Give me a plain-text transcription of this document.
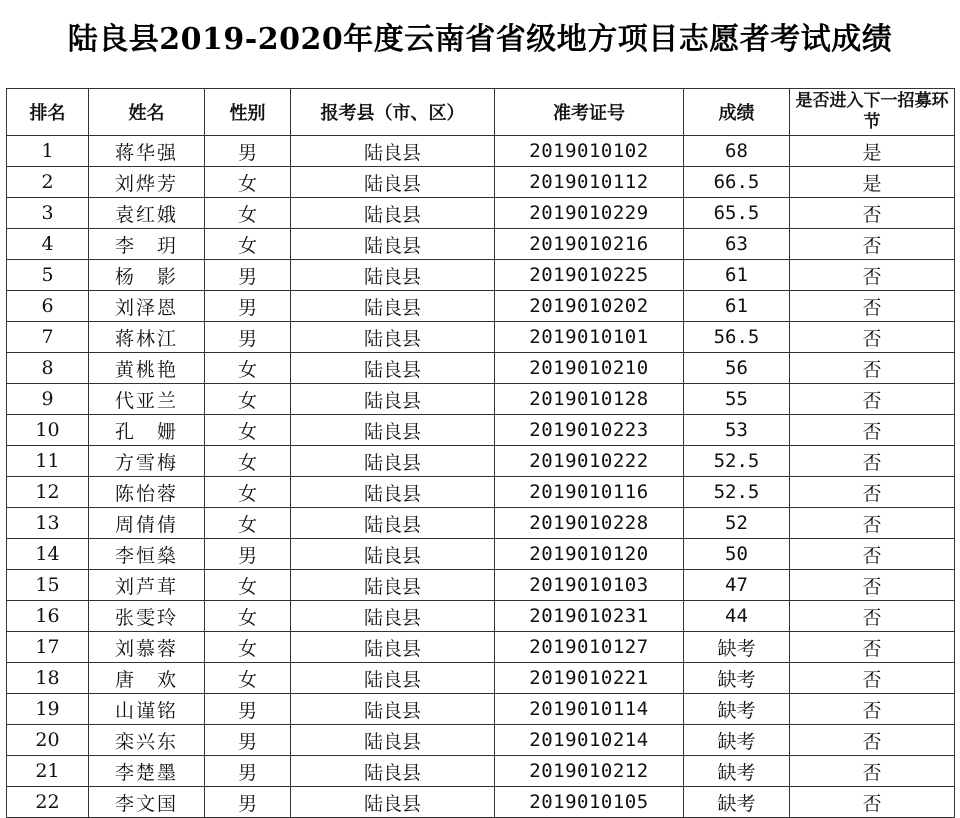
陆良县2019-2020年度云南省省级地方项目志愿者考试成绩
排名	姓名	性别	报考县（市、区）	准考证号	成绩	是否进入下一招募环节
1	蒋华强	男	陆良县	2019010102	68	是
2	刘烨芳	女	陆良县	2019010112	66.5	是
3	袁红娥	女	陆良县	2019010229	65.5	否
4	李　玥	女	陆良县	2019010216	63	否
5	杨　影	男	陆良县	2019010225	61	否
6	刘泽恩	男	陆良县	2019010202	61	否
7	蒋林江	男	陆良县	2019010101	56.5	否
8	黄桃艳	女	陆良县	2019010210	56	否
9	代亚兰	女	陆良县	2019010128	55	否
10	孔　姗	女	陆良县	2019010223	53	否
11	方雪梅	女	陆良县	2019010222	52.5	否
12	陈怡蓉	女	陆良县	2019010116	52.5	否
13	周倩倩	女	陆良县	2019010228	52	否
14	李恒燊	男	陆良县	2019010120	50	否
15	刘芦茸	女	陆良县	2019010103	47	否
16	张雯玲	女	陆良县	2019010231	44	否
17	刘慕蓉	女	陆良县	2019010127	缺考	否
18	唐　欢	女	陆良县	2019010221	缺考	否
19	山谨铭	男	陆良县	2019010114	缺考	否
20	栾兴东	男	陆良县	2019010214	缺考	否
21	李楚墨	男	陆良县	2019010212	缺考	否
22	李文国	男	陆良县	2019010105	缺考	否
